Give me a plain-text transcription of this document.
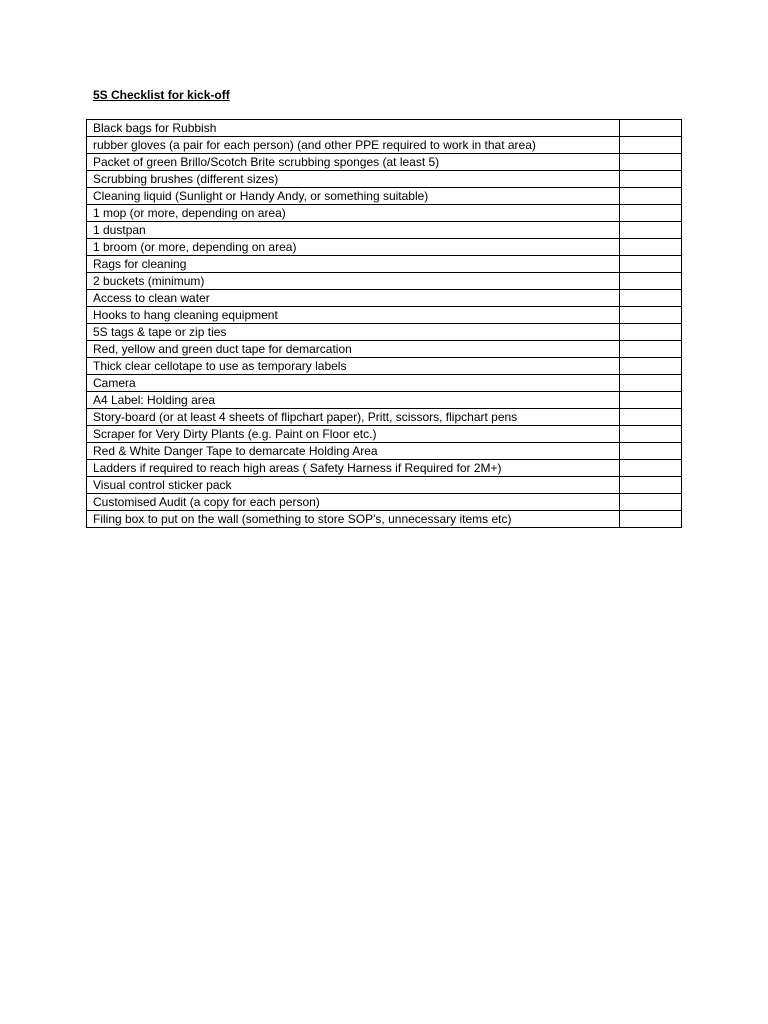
5S Checklist for kick-off
Black bags for Rubbish	
rubber gloves (a pair for each person) (and other PPE required to work in that area)	
Packet of green Brillo/Scotch Brite scrubbing sponges (at least 5)	
Scrubbing brushes (different sizes)	
Cleaning liquid (Sunlight or Handy Andy, or something suitable)	
1 mop (or more, depending on area)	
1 dustpan	
1 broom (or more, depending on area)	
Rags for cleaning	
2 buckets (minimum)	
Access to clean water	
Hooks to hang cleaning equipment	
5S tags & tape or zip ties	
Red, yellow and green duct tape for demarcation	
Thick clear cellotape to use as temporary labels	
Camera	
A4 Label: Holding area	
Story-board (or at least 4 sheets of flipchart paper), Pritt, scissors, flipchart pens	
Scraper for Very Dirty Plants (e.g. Paint on Floor etc.)	
Red & White Danger Tape to demarcate Holding Area	
Ladders if required to reach high areas ( Safety Harness if Required for 2M+)	
Visual control sticker pack	
Customised Audit (a copy for each person)	
Filing box to put on the wall (something to store SOP's, unnecessary items etc)	
